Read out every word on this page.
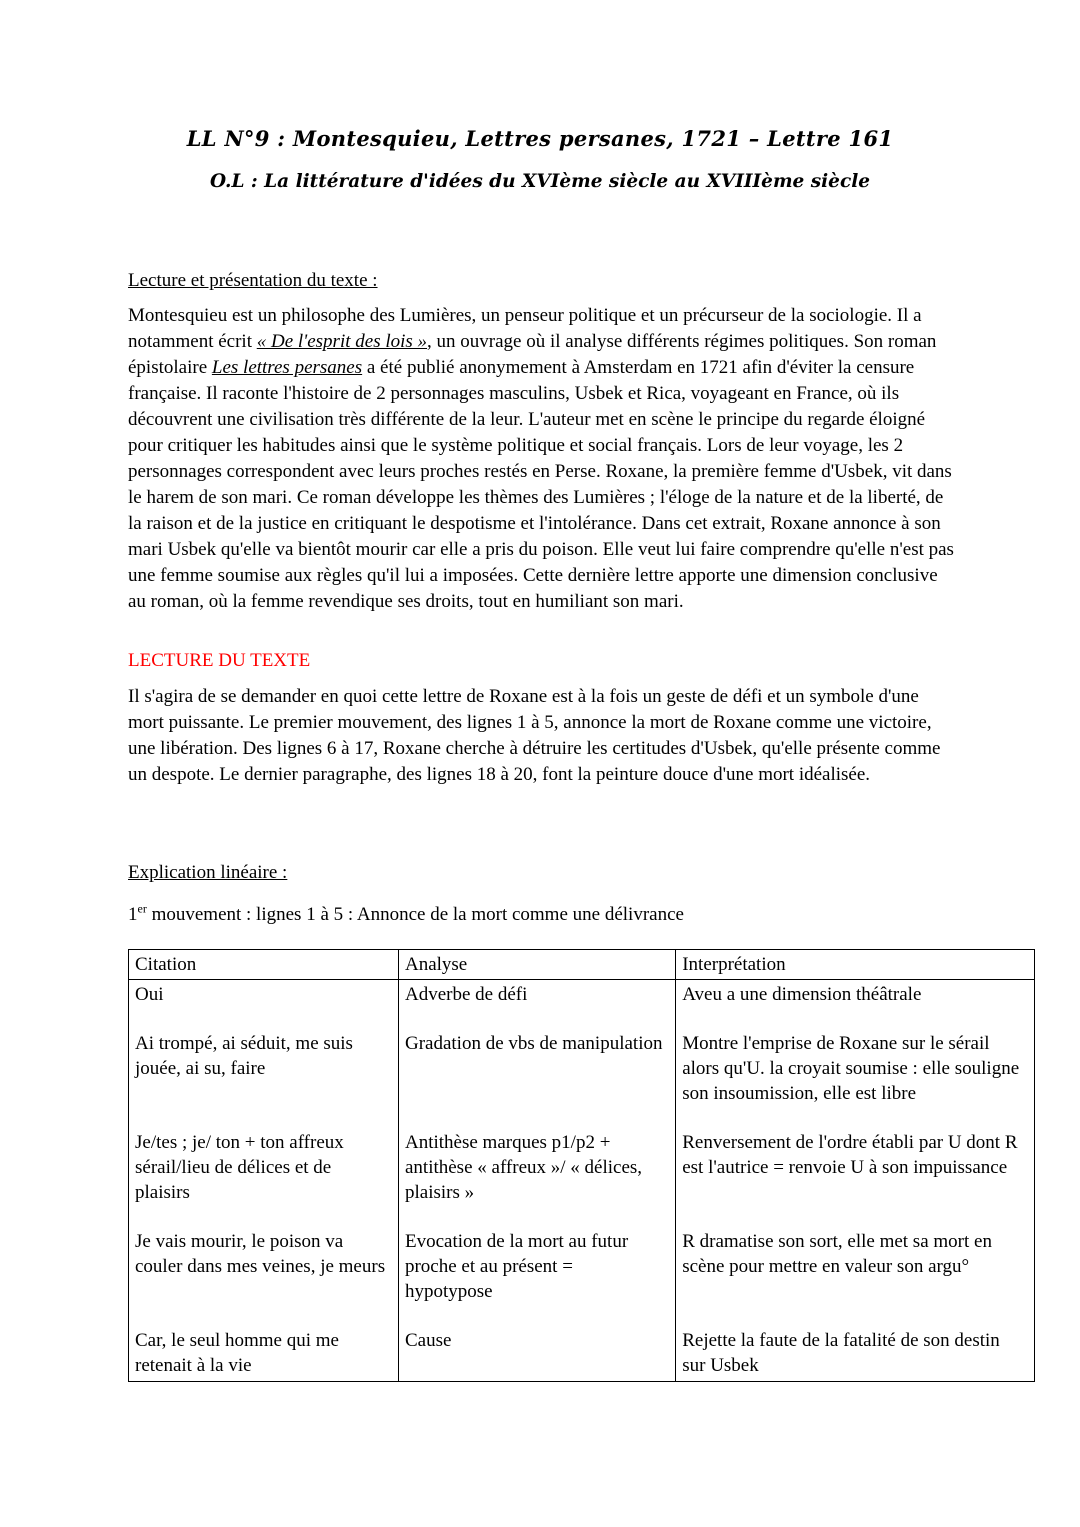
LL N°9 : Montesquieu, Lettres persanes, 1721 – Lettre 161
O.L : La littérature d'idées du XVIème siècle au XVIIIème siècle
Lecture et présentation du texte :

Montesquieu est un philosophe des Lumières, un penseur politique et un précurseur de la sociologie. Il a notamment écrit « De l'esprit des lois », un ouvrage où il analyse différents régimes politiques. Son roman épistolaire Les lettres persanes a été publié anonymement à Amsterdam en 1721 afin d'éviter la censure française. Il raconte l'histoire de 2 personnages masculins, Usbek et Rica, voyageant en France, où ils découvrent une civilisation très différente de la leur. L'auteur met en scène le principe du regarde éloigné pour critiquer les habitudes ainsi que le système politique et social français. Lors de leur voyage, les 2 personnages correspondent avec leurs proches restés en Perse. Roxane, la première femme d'Usbek, vit dans le harem de son mari. Ce roman développe les thèmes des Lumières ; l'éloge de la nature et de la liberté, de la raison et de la justice en critiquant le despotisme et l'intolérance. Dans cet extrait, Roxane annonce à son mari Usbek qu'elle va bientôt mourir car elle a pris du poison. Elle veut lui faire comprendre qu'elle n'est pas une femme soumise aux règles qu'il lui a imposées. Cette dernière lettre apporte une dimension conclusive au roman, où la femme revendique ses droits, tout en humiliant son mari.

LECTURE DU TEXTE

Il s'agira de se demander en quoi cette lettre de Roxane est à la fois un geste de défi et un symbole d'une mort puissante. Le premier mouvement, des lignes 1 à 5, annonce la mort de Roxane comme une victoire, une libération. Des lignes 6 à 17, Roxane cherche à détruire les certitudes d'Usbek, qu'elle présente comme un despote. Le dernier paragraphe, des lignes 18 à 20, font la peinture douce d'une mort idéalisée.

Explication linéaire :

1er mouvement : lignes 1 à 5 : Annonce de la mort comme une délivrance

Citation	Analyse	Interprétation
Oui	Adverbe de défi	Aveu a une dimension théâtrale
Ai trompé, ai séduit, me suis jouée, ai su, faire	Gradation de vbs de manipulation	Montre l'emprise de Roxane sur le sérail alors qu'U. la croyait soumise : elle souligne son insoumission, elle est libre
Je/tes ; je/ ton + ton affreux sérail/lieu de délices et de plaisirs	Antithèse marques p1/p2 + antithèse « affreux »/ « délices, plaisirs »	Renversement de l'ordre établi par U dont R est l'autrice = renvoie U à son impuissance
Je vais mourir, le poison va couler dans mes veines, je meurs	Evocation de la mort au futur proche et au présent = hypotypose	R dramatise son sort, elle met sa mort en scène pour mettre en valeur son argu°
Car, le seul homme qui me retenait à la vie	Cause	Rejette la faute de la fatalité de son destin sur Usbek
